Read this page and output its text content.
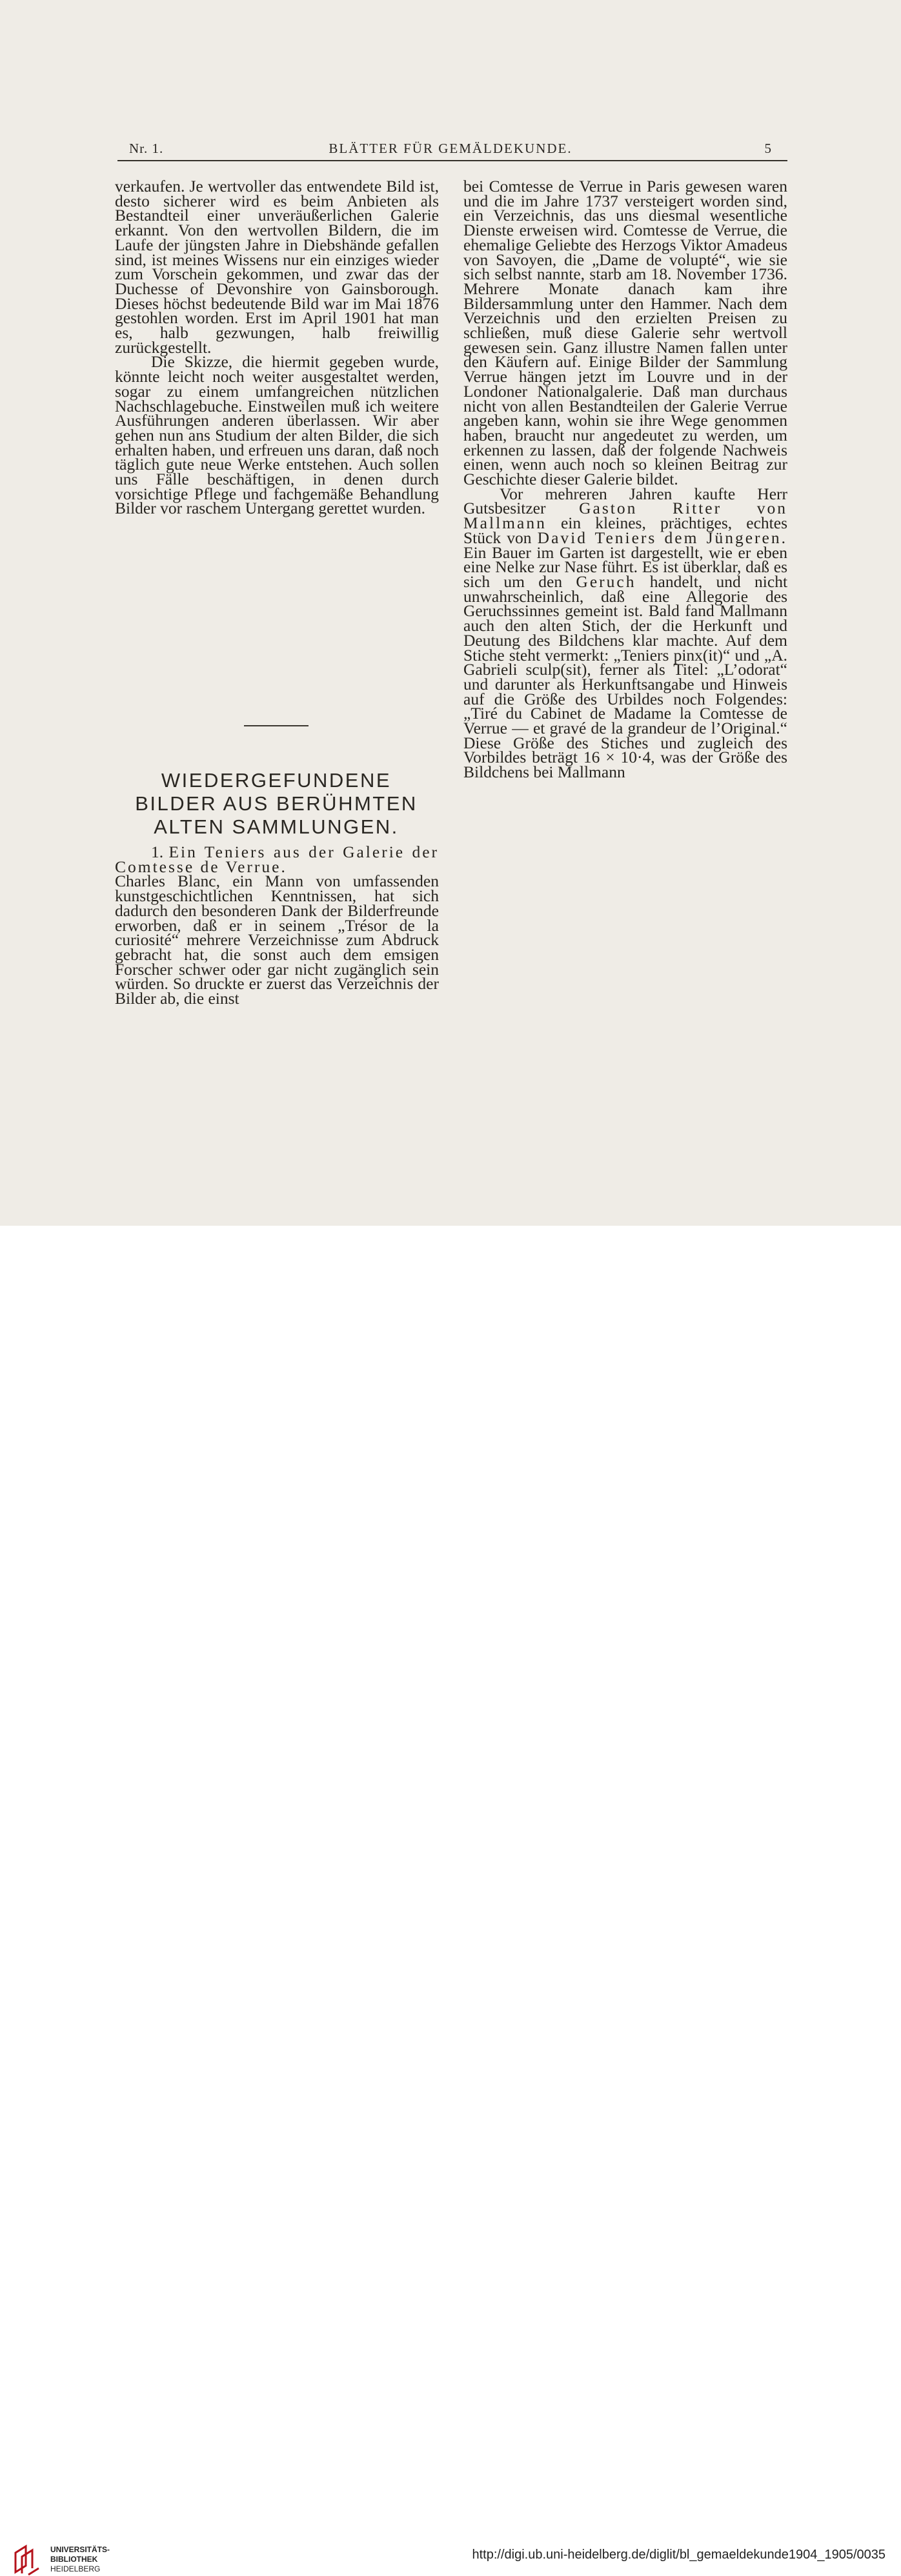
Nr. 1.	BLÄTTER FÜR GEMÄLDEKUNDE.	5

verkaufen. Je wertvoller das entwendete Bild ist, desto sicherer wird es beim Anbieten als Bestandteil einer unveräußerlichen Galerie erkannt. Von den wertvollen Bildern, die im Laufe der jüngsten Jahre in Diebshände gefallen sind, ist meines Wissens nur ein einziges wieder zum Vorschein gekommen, und zwar das der Duchesse of Devonshire von Gainsborough. Dieses höchst bedeutende Bild war im Mai 1876 gestohlen worden. Erst im April 1901 hat man es, halb gezwungen, halb freiwillig zurückgestellt.

Die Skizze, die hiermit gegeben wurde, könnte leicht noch weiter ausgestaltet werden, sogar zu einem umfangreichen nützlichen Nachschlagebuche. Einstweilen muß ich weitere Ausführungen anderen überlassen. Wir aber gehen nun ans Studium der alten Bilder, die sich erhalten haben, und erfreuen uns daran, daß noch täglich gute neue Werke entstehen. Auch sollen uns Fälle beschäftigen, in denen durch vorsichtige Pflege und fachgemäße Behandlung Bilder vor raschem Untergang gerettet wurden.

WIEDERGEFUNDENE
BILDER AUS BERÜHMTEN
ALTEN SAMMLUNGEN.

1. Ein Teniers aus der Galerie der Comtesse de Verrue.

Charles Blanc, ein Mann von umfassenden kunstgeschichtlichen Kenntnissen, hat sich dadurch den besonderen Dank der Bilderfreunde erworben, daß er in seinem „Trésor de la curiosité“ mehrere Verzeichnisse zum Abdruck gebracht hat, die sonst auch dem emsigen Forscher schwer oder gar nicht zugänglich sein würden. So druckte er zuerst das Verzeichnis der Bilder ab, die einst

bei Comtesse de Verrue in Paris gewesen waren und die im Jahre 1737 versteigert worden sind, ein Verzeichnis, das uns diesmal wesentliche Dienste erweisen wird. Comtesse de Verrue, die ehemalige Geliebte des Herzogs Viktor Amadeus von Savoyen, die „Dame de volupté“, wie sie sich selbst nannte, starb am 18. November 1736. Mehrere Monate danach kam ihre Bildersammlung unter den Hammer. Nach dem Verzeichnis und den erzielten Preisen zu schließen, muß diese Galerie sehr wertvoll gewesen sein. Ganz illustre Namen fallen unter den Käufern auf. Einige Bilder der Sammlung Verrue hängen jetzt im Louvre und in der Londoner Nationalgalerie. Daß man durchaus nicht von allen Bestandteilen der Galerie Verrue angeben kann, wohin sie ihre Wege genommen haben, braucht nur angedeutet zu werden, um erkennen zu lassen, daß der folgende Nachweis einen, wenn auch noch so kleinen Beitrag zur Geschichte dieser Galerie bildet.

Vor mehreren Jahren kaufte Herr Gutsbesitzer Gaston Ritter von Mallmann ein kleines, prächtiges, echtes Stück von David Teniers dem Jüngeren. Ein Bauer im Garten ist dargestellt, wie er eben eine Nelke zur Nase führt. Es ist überklar, daß es sich um den Geruch handelt, und nicht unwahrscheinlich, daß eine Allegorie des Geruchssinnes gemeint ist. Bald fand Mallmann auch den alten Stich, der die Herkunft und Deutung des Bildchens klar machte. Auf dem Stiche steht vermerkt: „Teniers pinx(it)“ und „A. Gabrieli sculp(sit), ferner als Titel: „L’odorat“ und darunter als Herkunftsangabe und Hinweis auf die Größe des Urbildes noch Folgendes: „Tiré du Cabinet de Madame la Comtesse de Verrue — et gravé de la grandeur de l’Original.“ Diese Größe des Stiches und zugleich des Vorbildes beträgt 16 × 10·4, was der Größe des Bildchens bei Mallmann

UNIVERSITÄTS-
BIBLIOTHEK
HEIDELBERG
http://digi.ub.uni-heidelberg.de/diglit/bl_gemaeldekunde1904_1905/0035
